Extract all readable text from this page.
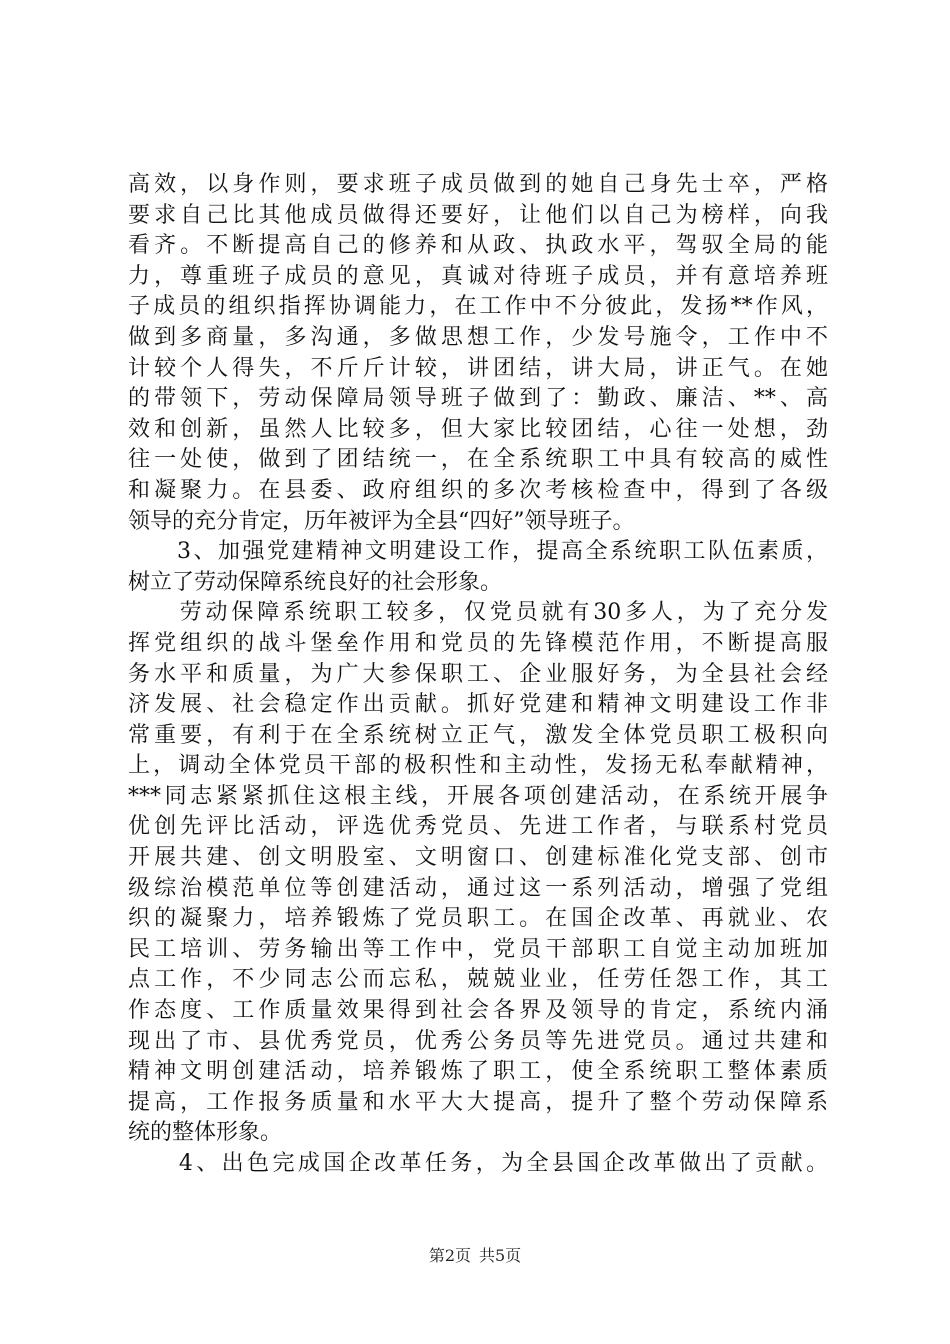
高效，以身作则，要求班子成员做到的她自己身先士卒，严格
要求自己比其他成员做得还要好，让他们以自己为榜样，向我
看齐。不断提高自己的修养和从政、执政水平，驾驭全局的能
力，尊重班子成员的意见，真诚对待班子成员，并有意培养班
子成员的组织指挥协调能力，在工作中不分彼此，发扬**作风，
做到多商量，多沟通，多做思想工作，少发号施令，工作中不
计较个人得失，不斤斤计较，讲团结，讲大局，讲正气。在她
的带领下，劳动保障局领导班子做到了：勤政、廉洁、**、高
效和创新，虽然人比较多，但大家比较团结，心往一处想，劲
往一处使，做到了团结统一，在全系统职工中具有较高的威性
和凝聚力。在县委、政府组织的多次考核检查中，得到了各级
领导的充分肯定，历年被评为全县“四好”领导班子。
　　3、加强党建精神文明建设工作，提高全系统职工队伍素质，
树立了劳动保障系统良好的社会形象。
　　劳动保障系统职工较多，仅党员就有30多人，为了充分发
挥党组织的战斗堡垒作用和党员的先锋模范作用，不断提高服
务水平和质量，为广大参保职工、企业服好务，为全县社会经
济发展、社会稳定作出贡献。抓好党建和精神文明建设工作非
常重要，有利于在全系统树立正气，激发全体党员职工极积向
上，调动全体党员干部的极积性和主动性，发扬无私奉献精神，
***同志紧紧抓住这根主线，开展各项创建活动，在系统开展争
优创先评比活动，评选优秀党员、先进工作者，与联系村党员
开展共建、创文明股室、文明窗口、创建标准化党支部、创市
级综治模范单位等创建活动，通过这一系列活动，增强了党组
织的凝聚力，培养锻炼了党员职工。在国企改革、再就业、农
民工培训、劳务输出等工作中，党员干部职工自觉主动加班加
点工作，不少同志公而忘私，兢兢业业，任劳任怨工作，其工
作态度、工作质量效果得到社会各界及领导的肯定，系统内涌
现出了市、县优秀党员，优秀公务员等先进党员。通过共建和
精神文明创建活动，培养锻炼了职工，使全系统职工整体素质
提高，工作报务质量和水平大大提高，提升了整个劳动保障系
统的整体形象。
　　4、出色完成国企改革任务，为全县国企改革做出了贡献。
第2页 共5页
